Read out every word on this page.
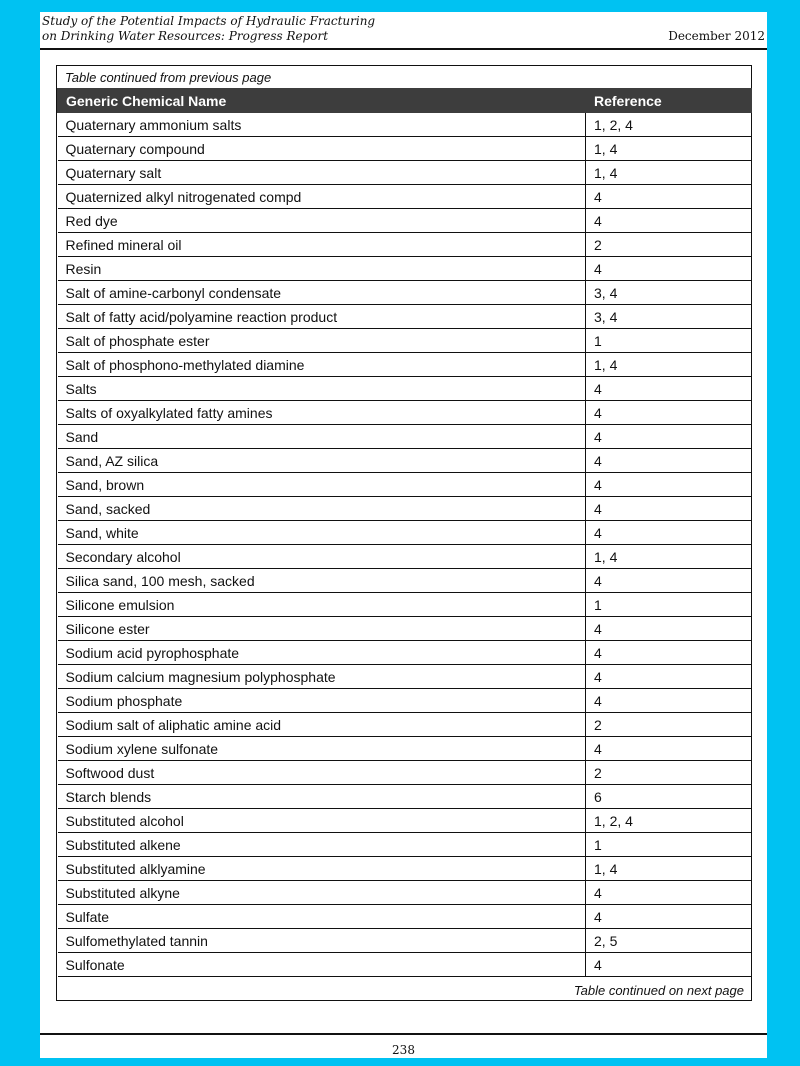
Study of the Potential Impacts of Hydraulic Fracturing
on Drinking Water Resources: Progress Report	December 2012
Table continued from previous page
Generic Chemical Name	Reference
Quaternary ammonium salts	1, 2, 4
Quaternary compound	1, 4
Quaternary salt	1, 4
Quaternized alkyl nitrogenated compd	4
Red dye	4
Refined mineral oil	2
Resin	4
Salt of amine-carbonyl condensate	3, 4
Salt of fatty acid/polyamine reaction product	3, 4
Salt of phosphate ester	1
Salt of phosphono-methylated diamine	1, 4
Salts	4
Salts of oxyalkylated fatty amines	4
Sand	4
Sand, AZ silica	4
Sand, brown	4
Sand, sacked	4
Sand, white	4
Secondary alcohol	1, 4
Silica sand, 100 mesh, sacked	4
Silicone emulsion	1
Silicone ester	4
Sodium acid pyrophosphate	4
Sodium calcium magnesium polyphosphate	4
Sodium phosphate	4
Sodium salt of aliphatic amine acid	2
Sodium xylene sulfonate	4
Softwood dust	2
Starch blends	6
Substituted alcohol	1, 2, 4
Substituted alkene	1
Substituted alklyamine	1, 4
Substituted alkyne	4
Sulfate	4
Sulfomethylated tannin	2, 5
Sulfonate	4
Table continued on next page
238
